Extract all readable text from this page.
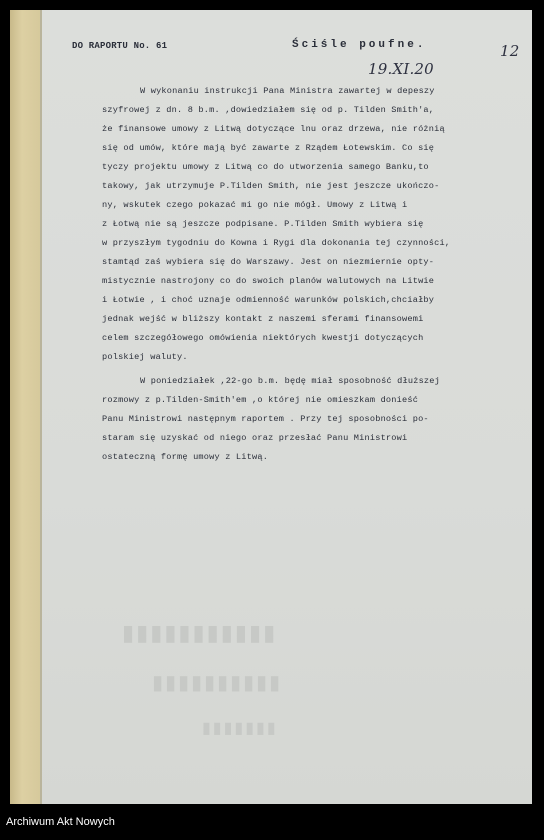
DO RAPORTU No. 61	Ściśle poufne.	12
19.XI.20
W wykonaniu instrukcji Pana Ministra zawartej w depeszy
szyfrowej z dn. 8 b.m. ,dowiedziałem się od p. Tilden Smith'a,
że finansowe umowy z Litwą dotyczące lnu oraz drzewa, nie różnią
się od umów, które mają być zawarte z Rządem Łotewskim. Co się
tyczy projektu umowy z Litwą co do utworzenia samego Banku,to
takowy, jak utrzymuje P.Tilden Smith, nie jest jeszcze ukończo-
ny, wskutek czego pokazać mi go nie mógł. Umowy z Litwą i
z Łotwą nie są jeszcze podpisane. P.Tilden Smith wybiera się
w przyszłym tygodniu do Kowna i Rygi dla dokonania tej czynności,
stamtąd zaś wybiera się do Warszawy. Jest on niezmiernie opty-
mistycznie nastrojony co do swoich planów walutowych na Litwie
i Łotwie , i choć uznaje odmienność warunków polskich,chciałby
jednak wejść w bliższy kontakt z naszemi sferami finansowemi
celem szczegółowego omówienia niektórych kwestji dotyczących
polskiej waluty.
W poniedziałek ,22-go b.m. będę miał sposobność dłuższej
rozmowy z p.Tilden-Smith'em ,o której nie omieszkam donieść
Panu Ministrowi następnym raportem . Przy tej sposobności po-
staram się uzyskać od niego oraz przesłać Panu Ministrowi
ostateczną formę umowy z Litwą.
▮▮▮▮▮▮▮▮▮▮▮
▮▮▮▮▮▮▮▮▮▮
▮▮▮▮▮▮▮
Archiwum Akt Nowych
